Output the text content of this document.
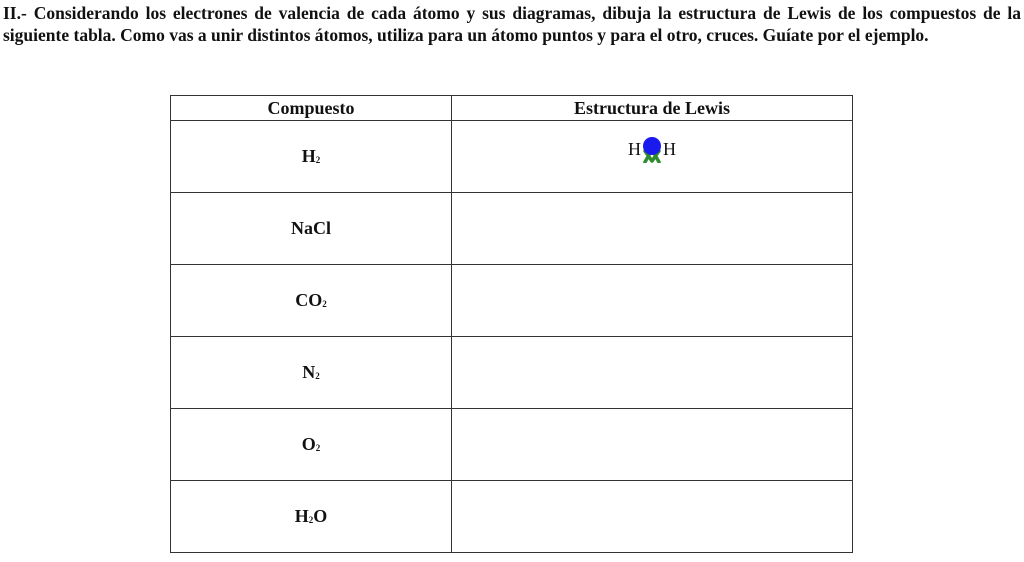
II.- Considerando los electrones de valencia de cada átomo y sus diagramas, dibuja la estructura de Lewis de los compuestos de la siguiente tabla. Como vas a unir distintos átomos, utiliza para un átomo puntos y para el otro, cruces. Guíate por el ejemplo.

Compuesto	Estructura de Lewis
$H_2$	H H

NaCl	
$CO_2$	
$N_2$	
$O_2$	
$H_2O$	
